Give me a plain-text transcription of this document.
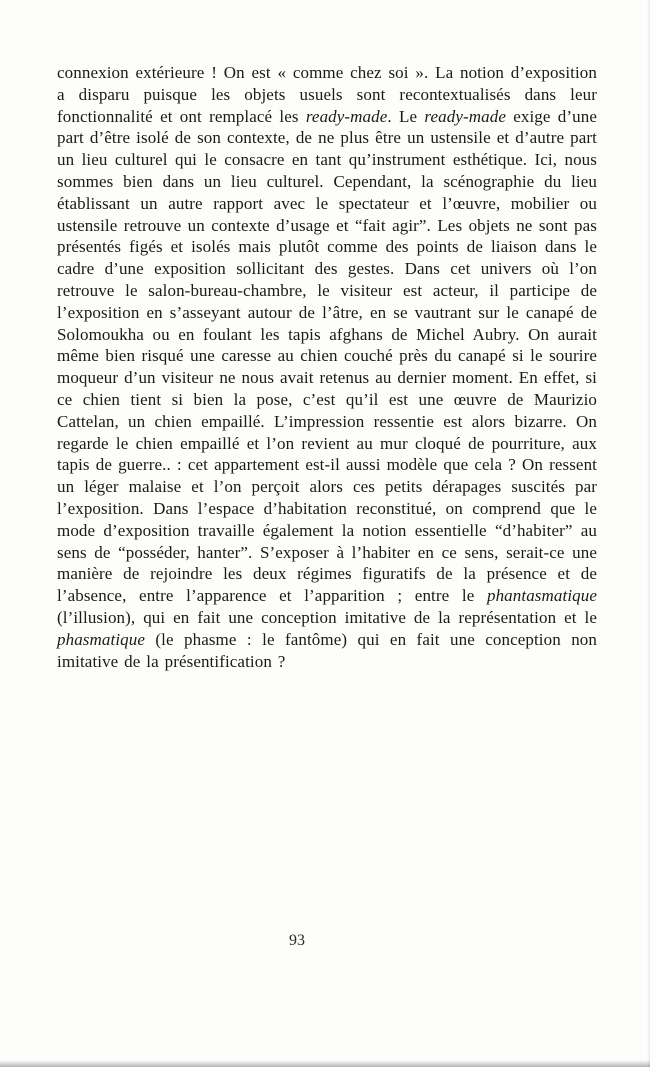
connexion extérieure ! On est « comme chez soi ». La notion d’exposition a disparu puisque les objets usuels sont recontextualisés dans leur fonctionnalité et ont remplacé les ready-made. Le ready-made exige d’une part d’être isolé de son contexte, de ne plus être un ustensile et d’autre part un lieu culturel qui le consacre en tant qu’instrument esthétique. Ici, nous sommes bien dans un lieu culturel. Cependant, la scénographie du lieu établissant un autre rapport avec le spectateur et l’œuvre, mobilier ou ustensile retrouve un contexte d’usage et “fait agir”. Les objets ne sont pas présentés figés et isolés mais plutôt comme des points de liaison dans le cadre d’une exposition sollicitant des gestes. Dans cet univers où l’on retrouve le salon-bureau-chambre, le visiteur est acteur, il participe de l’exposition en s’asseyant autour de l’âtre, en se vautrant sur le canapé de Solomoukha ou en foulant les tapis afghans de Michel Aubry. On aurait même bien risqué une caresse au chien couché près du canapé si le sourire moqueur d’un visiteur ne nous avait retenus au dernier moment. En effet, si ce chien tient si bien la pose, c’est qu’il est une œuvre de Maurizio Cattelan, un chien empaillé. L’impression ressentie est alors bizarre. On regarde le chien empaillé et l’on revient au mur cloqué de pourriture, aux tapis de guerre.. : cet appartement est-il aussi modèle que cela ? On ressent un léger malaise et l’on perçoit alors ces petits dérapages suscités par l’exposition. Dans l’espace d’habitation reconstitué, on comprend que le mode d’exposition travaille également la notion essentielle “d’habiter” au sens de “posséder, hanter”. S’exposer à l’habiter en ce sens, serait-ce une manière de rejoindre les deux régimes figuratifs de la présence et de l’absence, entre l’apparence et l’apparition ; entre le phantasmatique (l’illusion), qui en fait une conception imitative de la représentation et le phasmatique (le phasme : le fantôme) qui en fait une conception non imitative de la présentification ?

93
